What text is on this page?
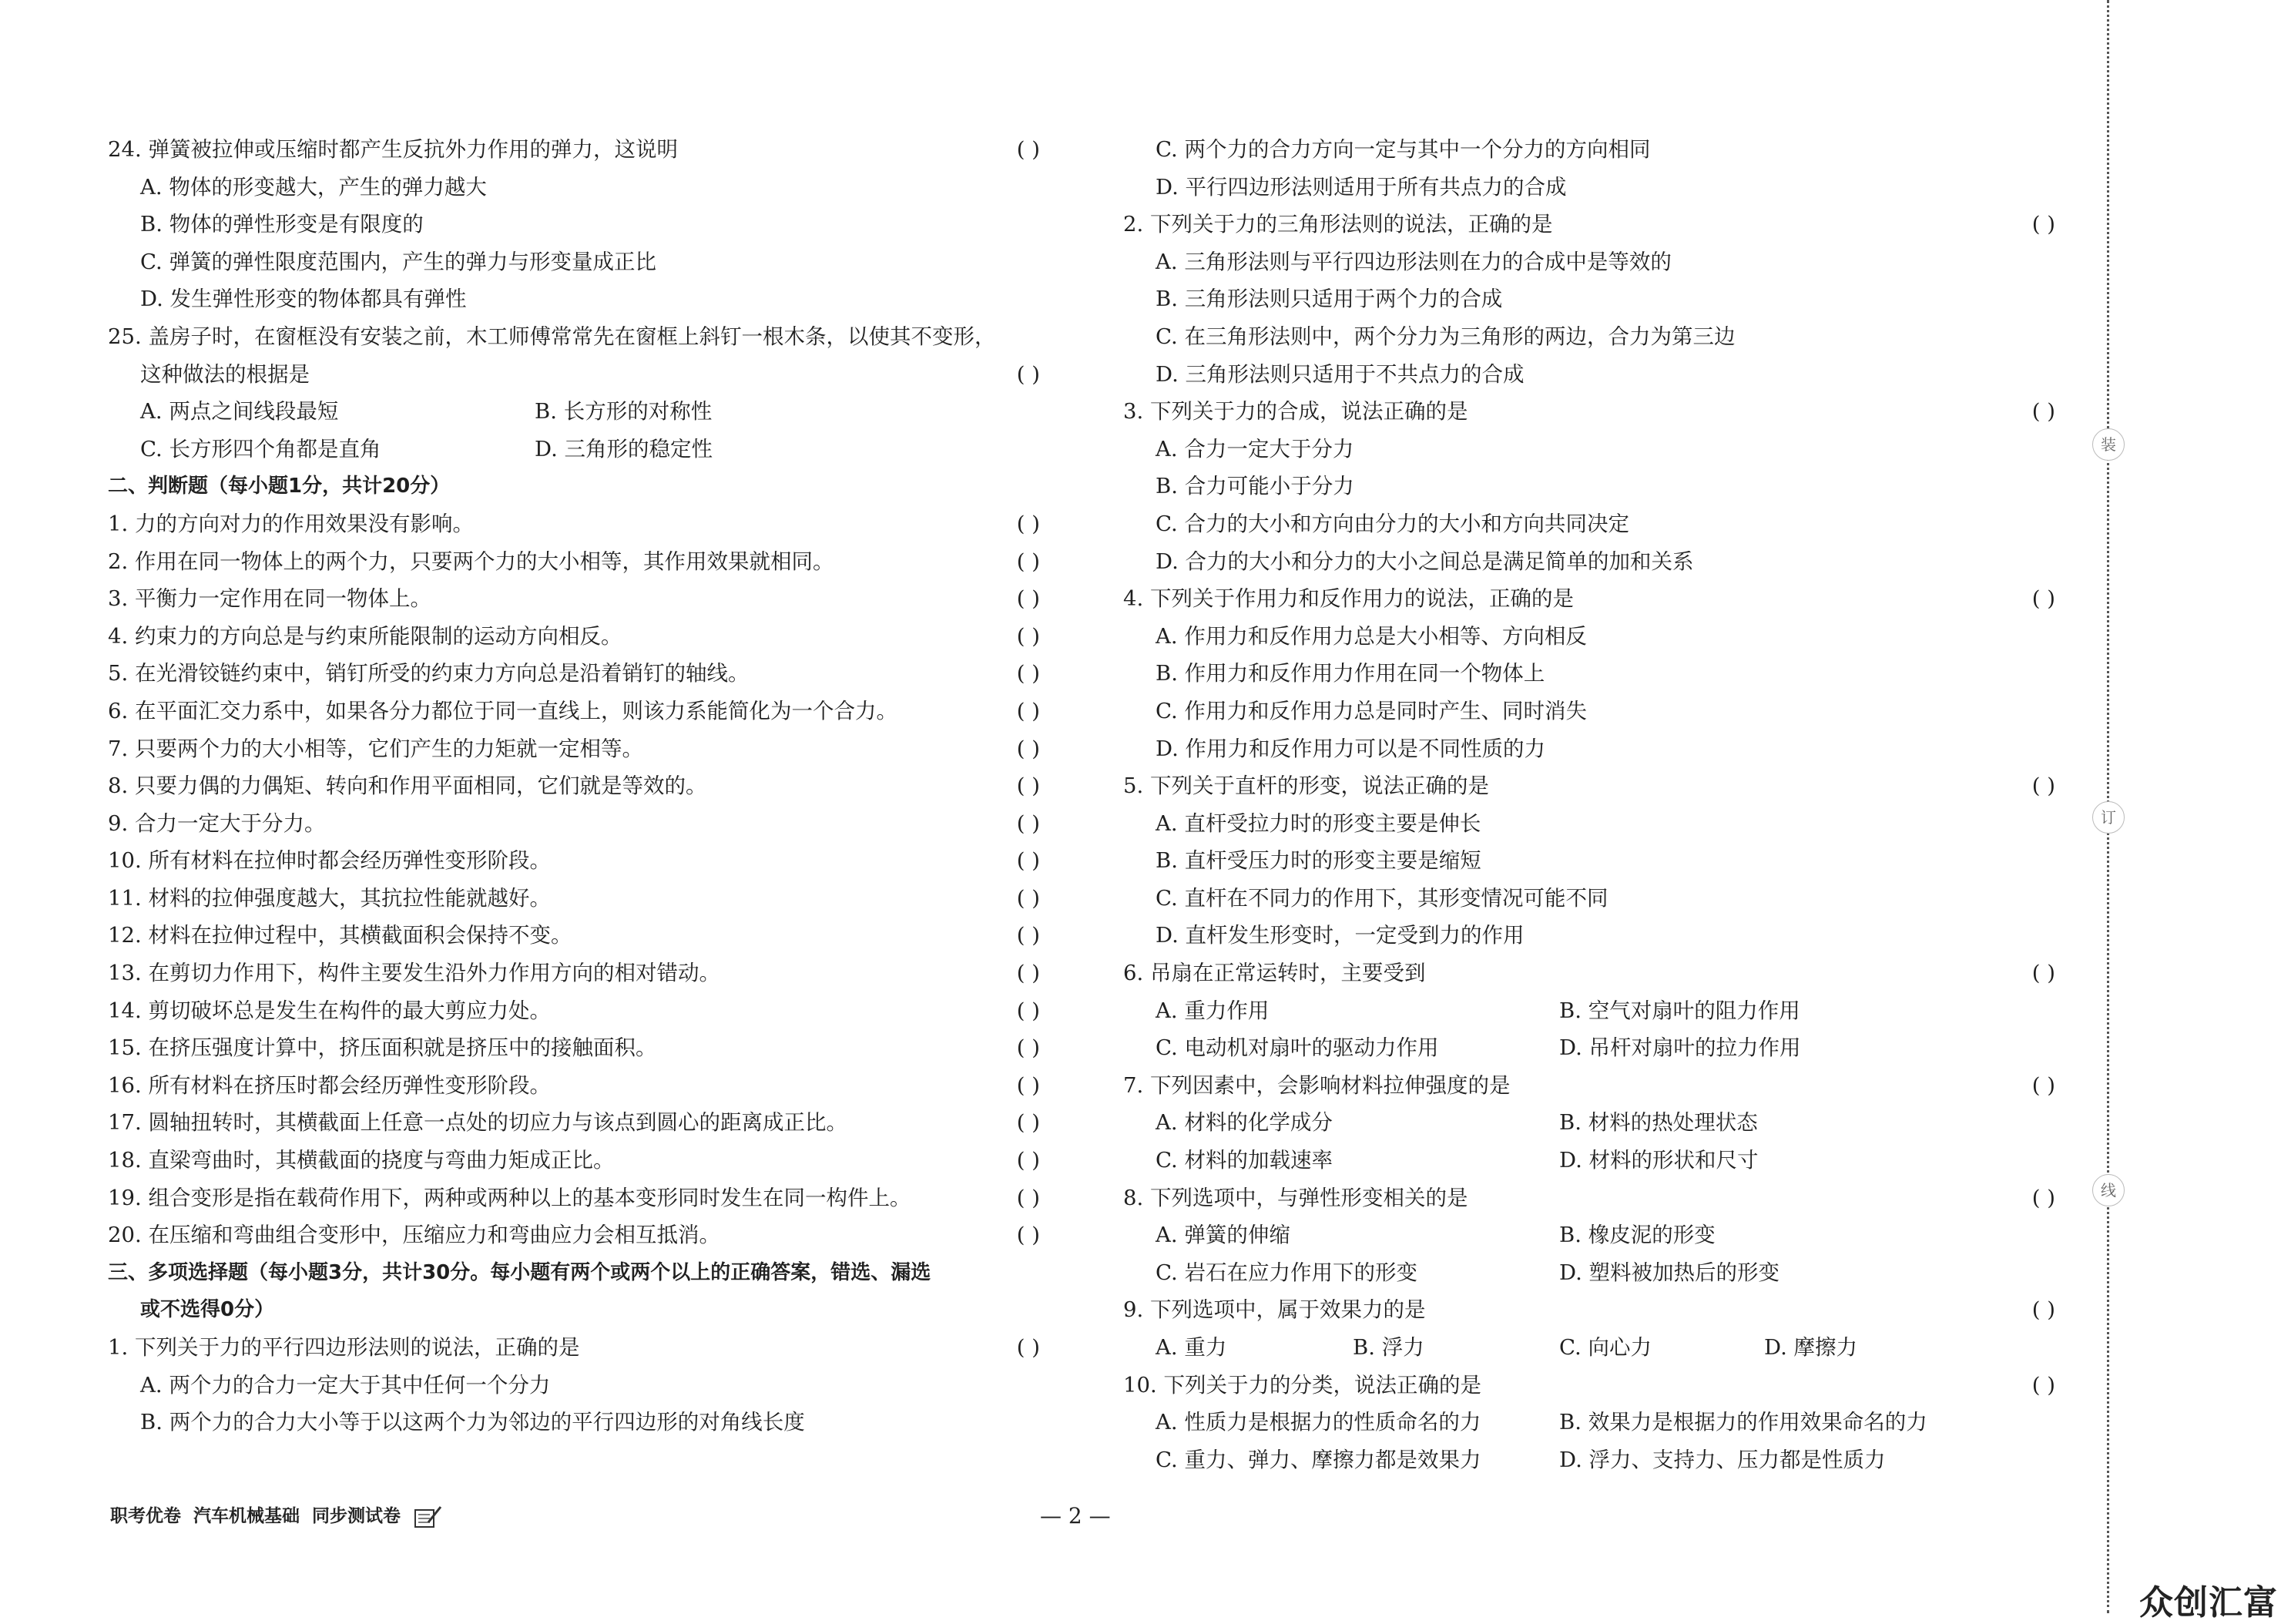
24. 弹簧被拉伸或压缩时都产生反抗外力作用的弹力，这说明	( )
A. 物体的形变越大，产生的弹力越大
B. 物体的弹性形变是有限度的
C. 弹簧的弹性限度范围内，产生的弹力与形变量成正比
D. 发生弹性形变的物体都具有弹性
25. 盖房子时，在窗框没有安装之前，木工师傅常常先在窗框上斜钉一根木条，以使其不变形，
这种做法的根据是	( )
A. 两点之间线段最短	B. 长方形的对称性
C. 长方形四个角都是直角	D. 三角形的稳定性
二、判断题（每小题1分，共计20分）
1. 力的方向对力的作用效果没有影响。	( )
2. 作用在同一物体上的两个力，只要两个力的大小相等，其作用效果就相同。	( )
3. 平衡力一定作用在同一物体上。	( )
4. 约束力的方向总是与约束所能限制的运动方向相反。	( )
5. 在光滑铰链约束中，销钉所受的约束力方向总是沿着销钉的轴线。	( )
6. 在平面汇交力系中，如果各分力都位于同一直线上，则该力系能简化为一个合力。	( )
7. 只要两个力的大小相等，它们产生的力矩就一定相等。	( )
8. 只要力偶的力偶矩、转向和作用平面相同，它们就是等效的。	( )
9. 合力一定大于分力。	( )
10. 所有材料在拉伸时都会经历弹性变形阶段。	( )
11. 材料的拉伸强度越大，其抗拉性能就越好。	( )
12. 材料在拉伸过程中，其横截面积会保持不变。	( )
13. 在剪切力作用下，构件主要发生沿外力作用方向的相对错动。	( )
14. 剪切破坏总是发生在构件的最大剪应力处。	( )
15. 在挤压强度计算中，挤压面积就是挤压中的接触面积。	( )
16. 所有材料在挤压时都会经历弹性变形阶段。	( )
17. 圆轴扭转时，其横截面上任意一点处的切应力与该点到圆心的距离成正比。	( )
18. 直梁弯曲时，其横截面的挠度与弯曲力矩成正比。	( )
19. 组合变形是指在载荷作用下，两种或两种以上的基本变形同时发生在同一构件上。	( )
20. 在压缩和弯曲组合变形中，压缩应力和弯曲应力会相互抵消。	( )
三、多项选择题（每小题3分，共计30分。每小题有两个或两个以上的正确答案，错选、漏选
或不选得0分）
1. 下列关于力的平行四边形法则的说法，正确的是	( )
A. 两个力的合力一定大于其中任何一个分力
B. 两个力的合力大小等于以这两个力为邻边的平行四边形的对角线长度
C. 两个力的合力方向一定与其中一个分力的方向相同
D. 平行四边形法则适用于所有共点力的合成
2. 下列关于力的三角形法则的说法，正确的是	( )
A. 三角形法则与平行四边形法则在力的合成中是等效的
B. 三角形法则只适用于两个力的合成
C. 在三角形法则中，两个分力为三角形的两边，合力为第三边
D. 三角形法则只适用于不共点力的合成
3. 下列关于力的合成，说法正确的是	( )
A. 合力一定大于分力
B. 合力可能小于分力
C. 合力的大小和方向由分力的大小和方向共同决定
D. 合力的大小和分力的大小之间总是满足简单的加和关系
4. 下列关于作用力和反作用力的说法，正确的是	( )
A. 作用力和反作用力总是大小相等、方向相反
B. 作用力和反作用力作用在同一个物体上
C. 作用力和反作用力总是同时产生、同时消失
D. 作用力和反作用力可以是不同性质的力
5. 下列关于直杆的形变，说法正确的是	( )
A. 直杆受拉力时的形变主要是伸长
B. 直杆受压力时的形变主要是缩短
C. 直杆在不同力的作用下，其形变情况可能不同
D. 直杆发生形变时，一定受到力的作用
6. 吊扇在正常运转时，主要受到	( )
A. 重力作用	B. 空气对扇叶的阻力作用
C. 电动机对扇叶的驱动力作用	D. 吊杆对扇叶的拉力作用
7. 下列因素中，会影响材料拉伸强度的是	( )
A. 材料的化学成分	B. 材料的热处理状态
C. 材料的加载速率	D. 材料的形状和尺寸
8. 下列选项中，与弹性形变相关的是	( )
A. 弹簧的伸缩	B. 橡皮泥的形变
C. 岩石在应力作用下的形变	D. 塑料被加热后的形变
9. 下列选项中，属于效果力的是	( )
A. 重力	B. 浮力	C. 向心力	D. 摩擦力
10. 下列关于力的分类，说法正确的是	( )
A. 性质力是根据力的性质命名的力	B. 效果力是根据力的作用效果命名的力
C. 重力、弹力、摩擦力都是效果力	D. 浮力、支持力、压力都是性质力
职考优卷 汽车机械基础 同步测试卷	— 2 —
装
订
线
众创汇富
